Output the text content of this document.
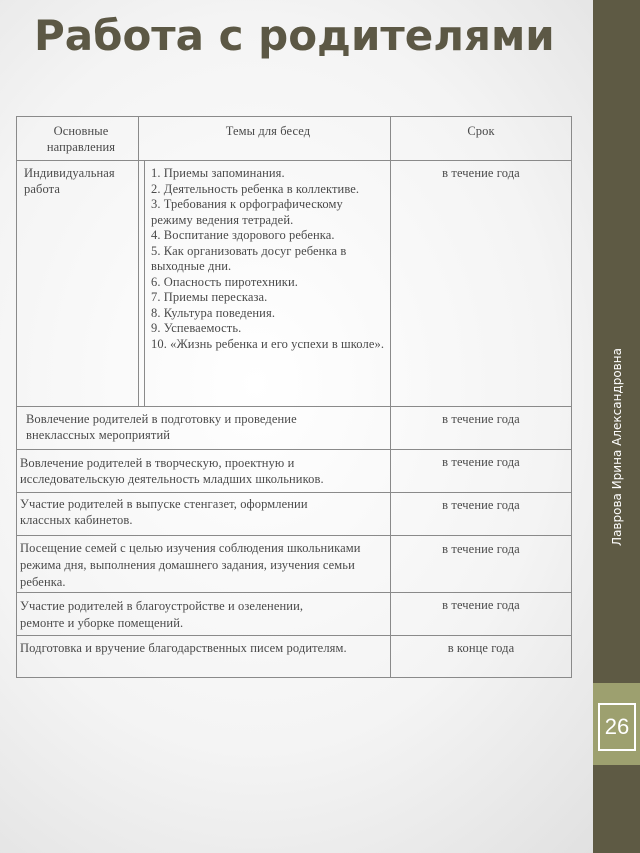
Работа с родителями
Лаврова Ирина Александровна
26
Основные направления
Темы для бесед	Срок
Индивидуальная работа
1. Приемы запоминания.
2. Деятельность ребенка в коллективе.
3. Требования к орфографическому режиму ведения тетрадей.
4. Воспитание здорового ребенка.
5. Как организовать досуг ребенка в выходные дни.
6. Опасность пиротехники.
7. Приемы пересказа.
8. Культура поведения.
9. Успеваемость.
10. «Жизнь ребенка и его успехи в школе».
в течение года
Вовлечение родителей в подготовку и проведение внеклассных мероприятий
в течение года
Вовлечение родителей в творческую, проектную и исследовательскую деятельность младших школьников.
в течение года
Участие родителей в выпуске стенгазет, оформлении классных кабинетов.
в течение года
Посещение семей с целью изучения соблюдения школьниками режима дня, выполнения домашнего задания, изучения семьи ребенка.
в течение года
Участие родителей в благоустройстве и озеленении, ремонте и уборке помещений.
в течение года
Подготовка и вручение благодарственных писем родителям.	в конце года
